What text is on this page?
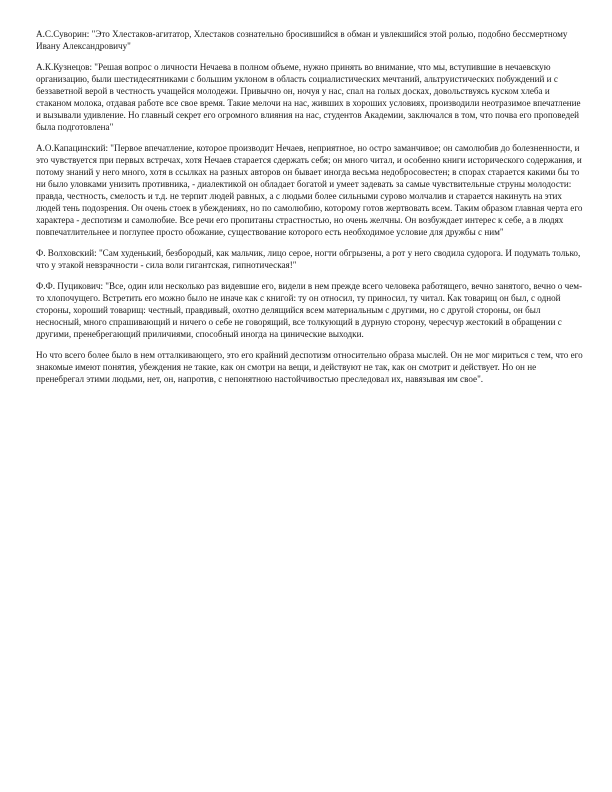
А.С.Суворин: "Это Хлестаков-агитатор, Хлестаков сознательно бросившийся в обман и увлекшийся этой ролью, подобно бессмертному Ивану Александровичу"

А.К.Кузнецов: "Решая вопрос о личности Нечаева в полном объеме, нужно принять во внимание, что мы, вступившие в нечаевскую организацию, были шестидесятниками с большим уклоном в область социалистических мечтаний, альтруистических побуждений и с беззаветной верой в честность учащейся молодежи. Привычно он, ночуя у нас, спал на голых досках, довольствуясь куском хлеба и стаканом молока, отдавая работе все свое время. Такие мелочи на нас, живших в хороших условиях, производили неотразимое впечатление и вызывали удивление. Но главный секрет его огромного влияния на нас, студентов Академии, заключался в том, что почва его проповедей была подготовлена"

А.О.Капацинский: "Первое впечатление, которое производит Нечаев, неприятное, но остро заманчивое; он самолюбив до болезненности, и это чувствуется при первых встречах, хотя Нечаев старается сдержать себя; он много читал, и особенно книги исторического содержания, и потому знаний у него много, хотя в ссылках на разных авторов он бывает иногда весьма недобросовестен; в спорах старается какими бы то ни было уловками унизить противника, - диалектикой он обладает богатой и умеет задевать за самые чувствительные струны молодости: правда, честность, смелость и т.д. не терпит людей равных, а с людьми более сильными сурово молчалив и старается накинуть на этих людей тень подозрения. Он очень стоек в убеждениях, но по самолюбию, которому готов жертвовать всем. Таким образом главная черта его характера - деспотизм и самолюбие. Все речи его пропитаны страстностью, но очень желчны. Он возбуждает интерес к себе, а в людях повпечатлительнее и поглупее просто обожание, существование которого есть необходимое условие для дружбы с ним"

Ф. Волховский: "Сам худенький, безбородый, как мальчик, лицо серое, ногти обгрызены, а рот у него сводила судорога. И подумать только, что у этакой невзрачности - сила воли гигантская, гипнотическая!"

Ф.Ф. Пуцикович: "Все, один или несколько раз видевшие его, видели в нем прежде всего человека работящего, вечно занятого, вечно о чем-то хлопочущего. Встретить его можно было не иначе как с книгой: ту он относил, ту приносил, ту читал. Как товарищ он был, с одной стороны, хороший товарищ: честный, правдивый, охотно делящийся всем материальным с другими, но с другой стороны, он был несносный, много спрашивающий и ничего о себе не говорящий, все толкующий в дурную сторону, чересчур жестокий в обращении с другими, пренебрегающий приличиями, способный иногда на цинические выходки.

Но что всего более было в нем отталкивающего, это его крайний деспотизм относительно образа мыслей. Он не мог мириться с тем, что его знакомые имеют понятия, убеждения не такие, как он смотри на вещи, и действуют не так, как он смотрит и действует. Но он не пренебрегал этими людьми, нет, он, напротив, с непонятною настойчивостью преследовал их, навязывая им свое".
